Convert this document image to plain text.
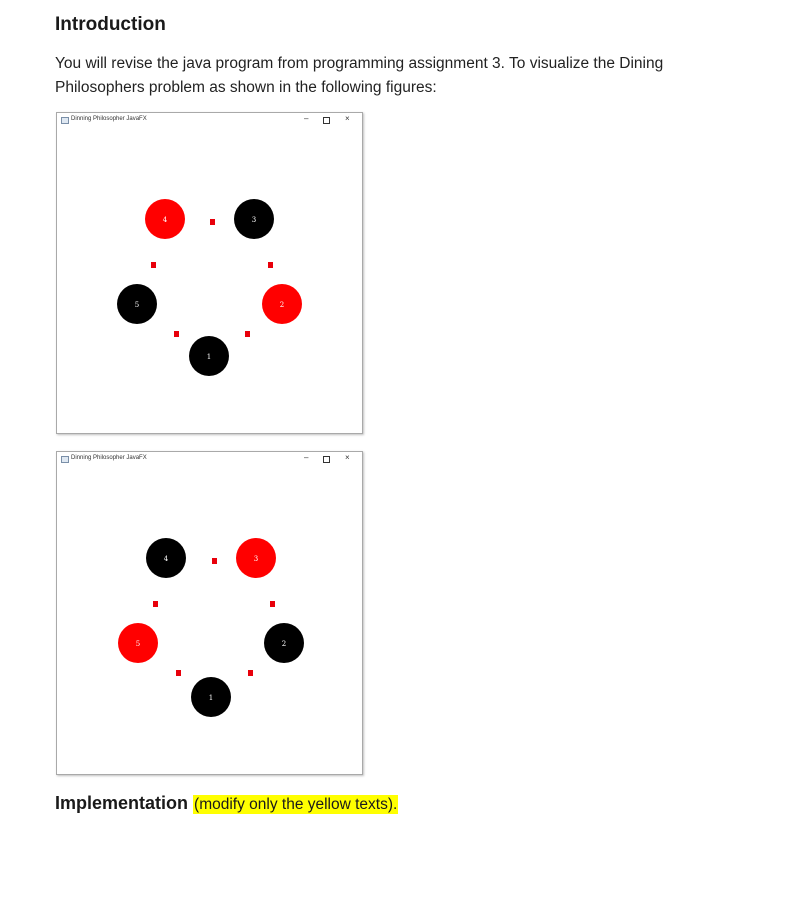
Introduction

You will revise the java program from programming assignment 3. To visualize the Dining
Philosophers problem as shown in the following figures:

1
2
3
4
5
Dinning Philosopher JavaFX	–	×
1
2
3
4
5
Dinning Philosopher JavaFX	–	×

Implementation (modify only the yellow texts).
